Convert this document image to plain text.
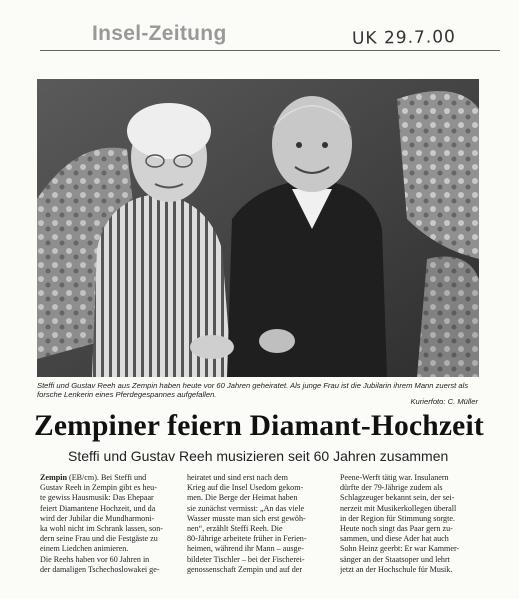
Insel-Zeitung	UK 29.7.00
Steffi und Gustav Reeh aus Zempin haben heute vor 60 Jahren geheiratet. Als junge Frau ist die Jubilarin ihrem Mann zuerst als forsche Lenkerin eines Pferdegespannes aufgefallen.
Kurierfoto: C. Müller
Zempiner feiern Diamant-Hochzeit
Steffi und Gustav Reeh musizieren seit 60 Jahren zusammen
Zempin (EB/cm). Bei Steffi und
Gustav Reeh in Zempin gibt es heu-
te gewiss Hausmusik: Das Ehepaar
feiert Diamantene Hochzeit, und da
wird der Jubilar die Mundharmoni-
ka wohl nicht im Schrank lassen, son-
dern seine Frau und die Festgäste zu
einem Liedchen animieren.
Die Reehs haben vor 60 Jahren in
der damaligen Tschechoslowakei ge-
heiratet und sind erst nach dem
Krieg auf die Insel Usedom gekom-
men. Die Berge der Heimat haben
sie zunächst vermisst: „An das viele
Wasser musste man sich erst gewöh-
nen“, erzählt Steffi Reeh. Die
80-Jährige arbeitete früher in Ferien-
heimen, während ihr Mann – ausge-
bildeter Tischler – bei der Fischerei-
genossenschaft Zempin und auf der
Peene-Werft tätig war. Insulanern
dürfte der 79-Jährige zudem als
Schlagzeuger bekannt sein, der sei-
nerzeit mit Musikerkollegen überall
in der Region für Stimmung sorgte.
Heute noch singt das Paar gern zu-
sammen, und diese Ader hat auch
Sohn Heinz geerbt: Er war Kammer-
sänger an der Staatsoper und lehrt
jetzt an der Hochschule für Musik.
